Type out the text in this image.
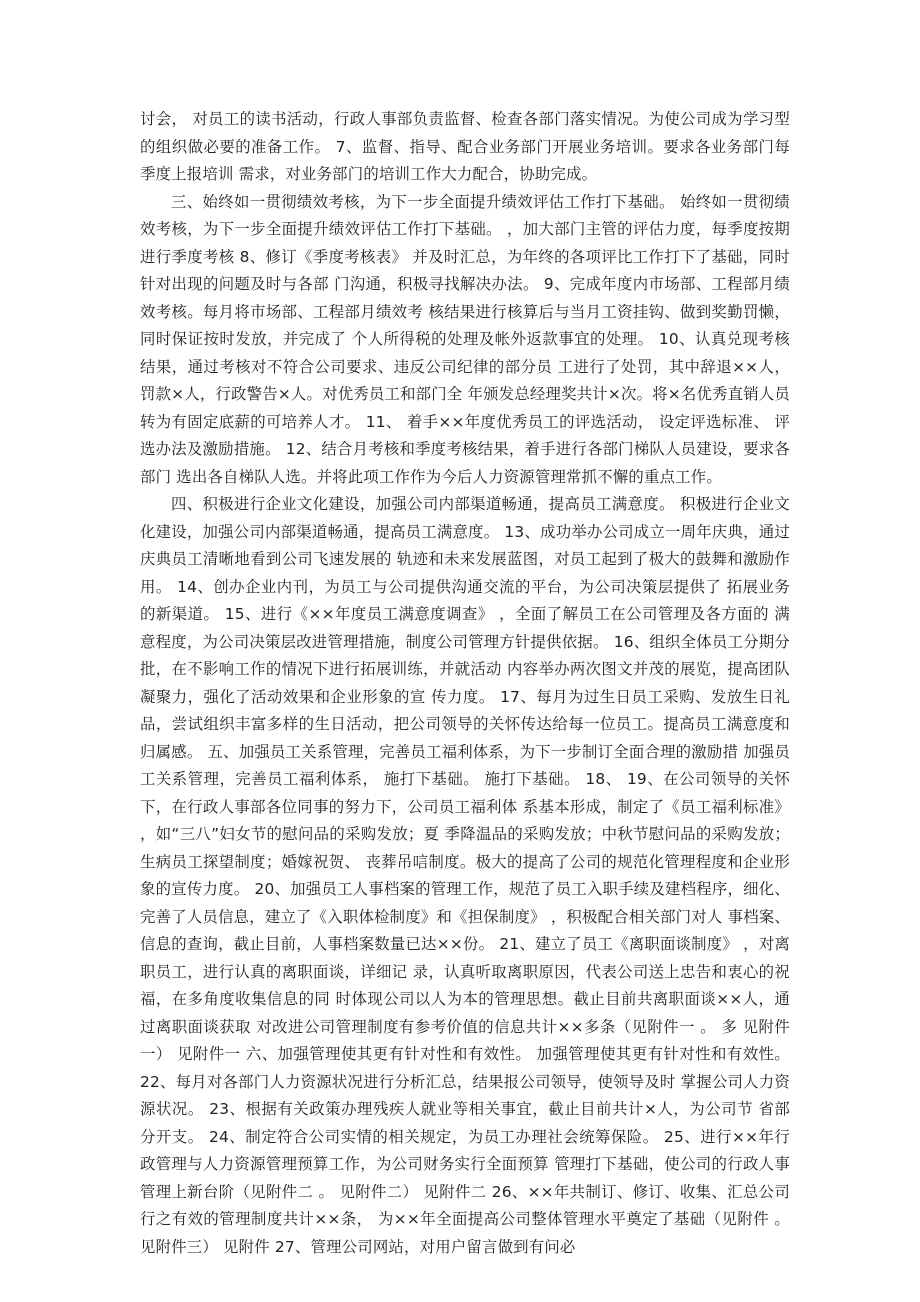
讨会， 对员工的读书活动，行政人事部负责监督、检查各部门落实情况。为使公司成为学习型的组织做必要的准备工作。 7、监督、指导、配合业务部门开展业务培训。要求各业务部门每季度上报培训 需求，对业务部门的培训工作大力配合，协助完成。

三、始终如一贯彻绩效考核，为下一步全面提升绩效评估工作打下基础。 始终如一贯彻绩效考核，为下一步全面提升绩效评估工作打下基础。 ，加大部门主管的评估力度，每季度按期进行季度考核 8、修订《季度考核表》 并及时汇总，为年终的各项评比工作打下了基础，同时针对出现的问题及时与各部 门沟通，积极寻找解决办法。 9、完成年度内市场部、工程部月绩效考核。每月将市场部、工程部月绩效考 核结果进行核算后与当月工资挂钩、做到奖勤罚懒，同时保证按时发放，并完成了 个人所得税的处理及帐外返款事宜的处理。 10、认真兑现考核结果，通过考核对不符合公司要求、违反公司纪律的部分员 工进行了处罚，其中辞退××人，罚款×人，行政警告×人。对优秀员工和部门全 年颁发总经理奖共计×次。将×名优秀直销人员转为有固定底薪的可培养人才。 11、 着手××年度优秀员工的评选活动， 设定评选标准、 评选办法及激励措施。 12、结合月考核和季度考核结果，着手进行各部门梯队人员建设，要求各部门 选出各自梯队人选。并将此项工作作为今后人力资源管理常抓不懈的重点工作。

四、积极进行企业文化建设，加强公司内部渠道畅通，提高员工满意度。 积极进行企业文化建设，加强公司内部渠道畅通，提高员工满意度。 13、成功举办公司成立一周年庆典，通过庆典员工清晰地看到公司飞速发展的 轨迹和未来发展蓝图，对员工起到了极大的鼓舞和激励作用。 14、创办企业内刊，为员工与公司提供沟通交流的平台，为公司决策层提供了 拓展业务的新渠道。 15、进行《××年度员工满意度调查》 ，全面了解员工在公司管理及各方面的 满意程度，为公司决策层改进管理措施，制度公司管理方针提供依据。 16、组织全体员工分期分批，在不影响工作的情况下进行拓展训练，并就活动 内容举办两次图文并茂的展览，提高团队凝聚力，强化了活动效果和企业形象的宣 传力度。 17、每月为过生日员工采购、发放生日礼品，尝试组织丰富多样的生日活动，把公司领导的关怀传达给每一位员工。提高员工满意度和归属感。 五、加强员工关系管理，完善员工福利体系，为下一步制订全面合理的激励措 加强员工关系管理，完善员工福利体系， 施打下基础。 施打下基础。 18、 19、在公司领导的关怀下，在行政人事部各位同事的努力下，公司员工福利体 系基本形成，制定了《员工福利标准》 ，如“三八”妇女节的慰问品的采购发放；夏 季降温品的采购发放；中秋节慰问品的采购发放；生病员工探望制度；婚嫁祝贺、 丧葬吊唁制度。极大的提高了公司的规范化管理程度和企业形象的宣传力度。 20、加强员工人事档案的管理工作，规范了员工入职手续及建档程序，细化、 完善了人员信息，建立了《入职体检制度》和《担保制度》 ，积极配合相关部门对人 事档案、信息的查询，截止目前，人事档案数量已达××份。 21、建立了员工《离职面谈制度》 ，对离职员工，进行认真的离职面谈，详细记 录，认真听取离职原因，代表公司送上忠告和衷心的祝福，在多角度收集信息的同 时体现公司以人为本的管理思想。截止目前共离职面谈××人，通过离职面谈获取 对改进公司管理制度有参考价值的信息共计××多条（见附件一 。 多 见附件一） 见附件一 六、加强管理使其更有针对性和有效性。 加强管理使其更有针对性和有效性。 22、每月对各部门人力资源状况进行分析汇总，结果报公司领导，使领导及时 掌握公司人力资源状况。 23、根据有关政策办理残疾人就业等相关事宜，截止目前共计×人，为公司节 省部分开支。 24、制定符合公司实情的相关规定，为员工办理社会统筹保险。 25、进行××年行政管理与人力资源管理预算工作，为公司财务实行全面预算 管理打下基础，使公司的行政人事管理上新台阶（见附件二 。 见附件二） 见附件二 26、××年共制订、修订、收集、汇总公司行之有效的管理制度共计××条， 为××年全面提高公司整体管理水平奠定了基础（见附件 。 见附件三） 见附件 27、管理公司网站，对用户留言做到有问必
